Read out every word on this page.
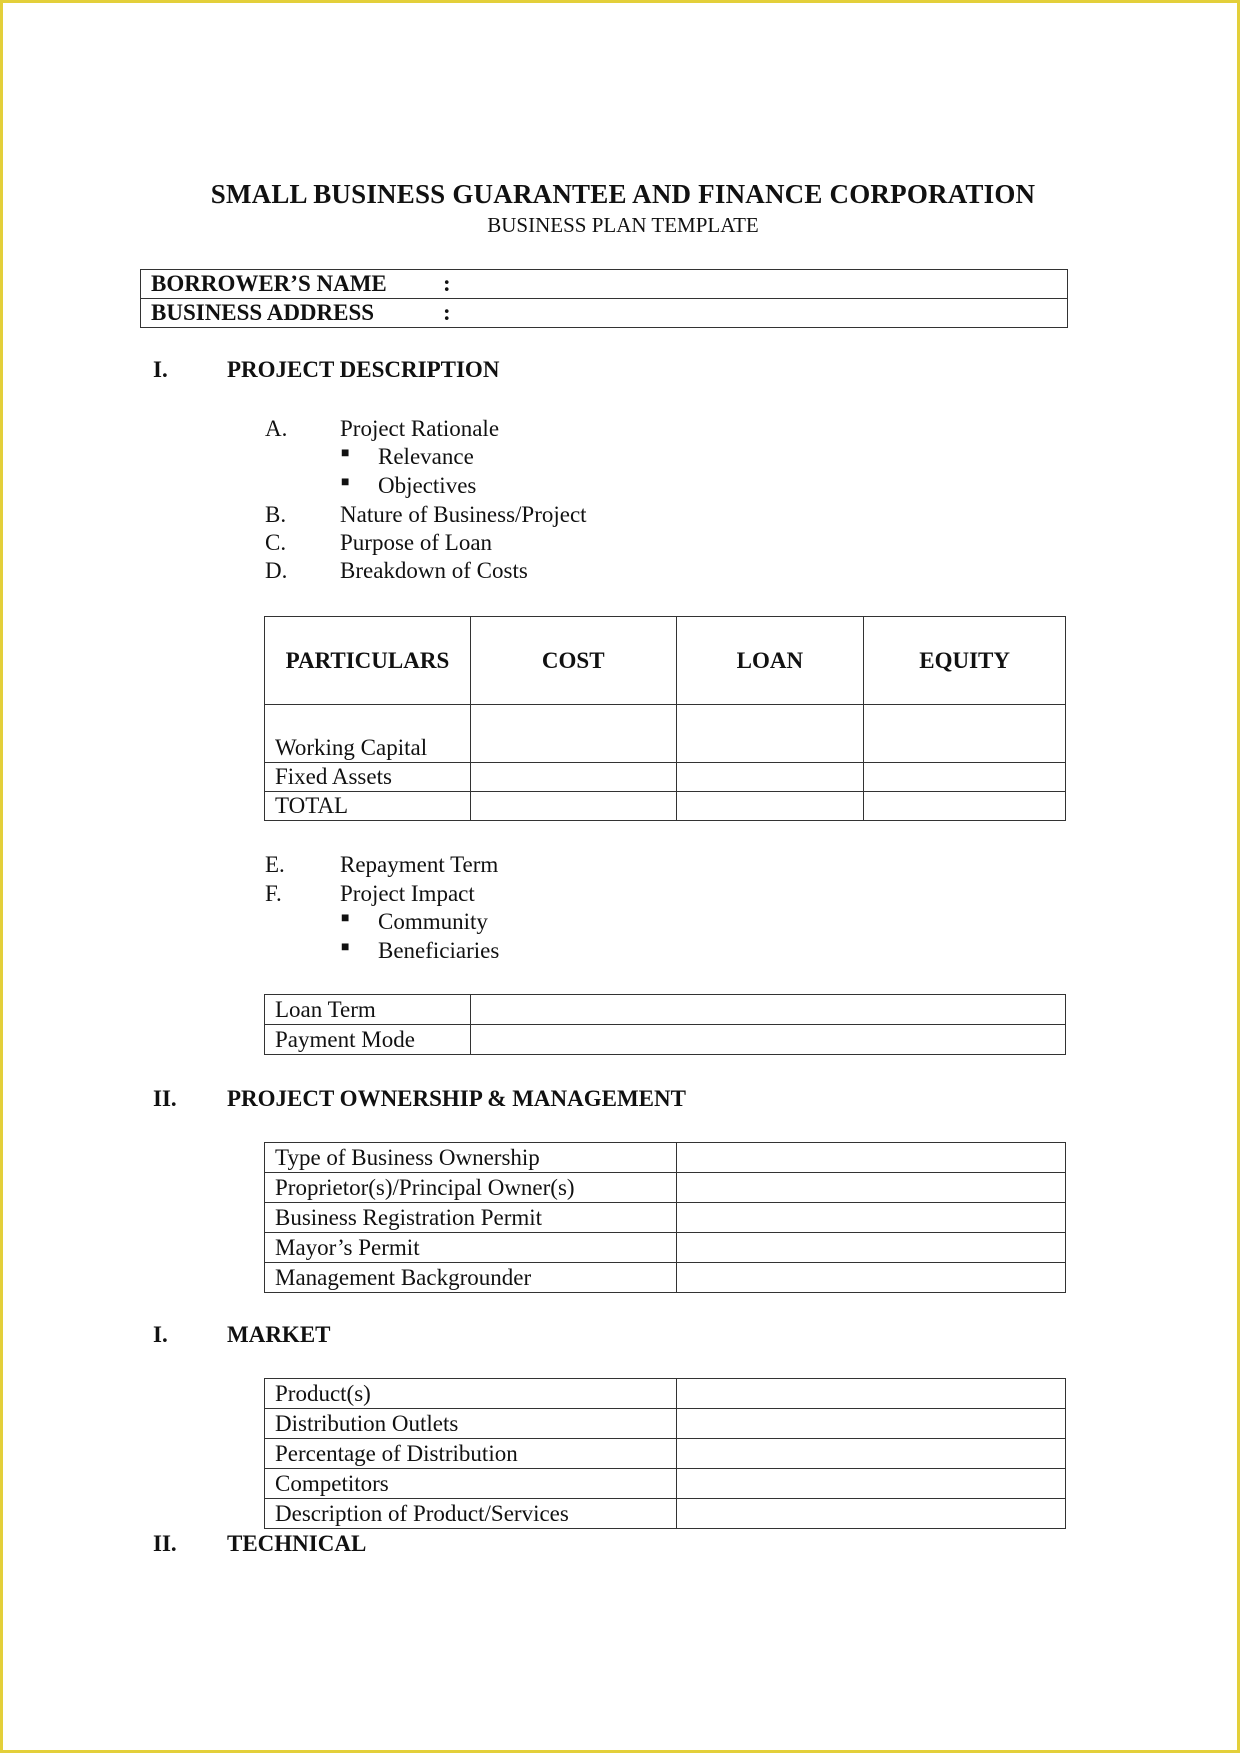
SMALL BUSINESS GUARANTEE AND FINANCE CORPORATION
BUSINESS PLAN TEMPLATE
BORROWER’S NAME :
BUSINESS ADDRESS	:
I.	PROJECT DESCRIPTION
A. Project Rationale
■ Relevance
■ Objectives
B. Nature of Business/Project
C. Purpose of Loan
D. Breakdown of Costs
PARTICULARS	COST	LOAN	EQUITY
Working Capital			
Fixed Assets			
TOTAL			
E. Repayment Term
F.	Project Impact
■ Community
■ Beneficiaries
Loan Term	
Payment Mode	
II. PROJECT OWNERSHIP & MANAGEMENT
Type of Business Ownership	
Proprietor(s)/Principal Owner(s)	
Business Registration Permit	
Mayor’s Permit	
Management Backgrounder	
I.	MARKET
Product(s)	
Distribution Outlets	
Percentage of Distribution	
Competitors	
Description of Product/Services	
II. TECHNICAL
